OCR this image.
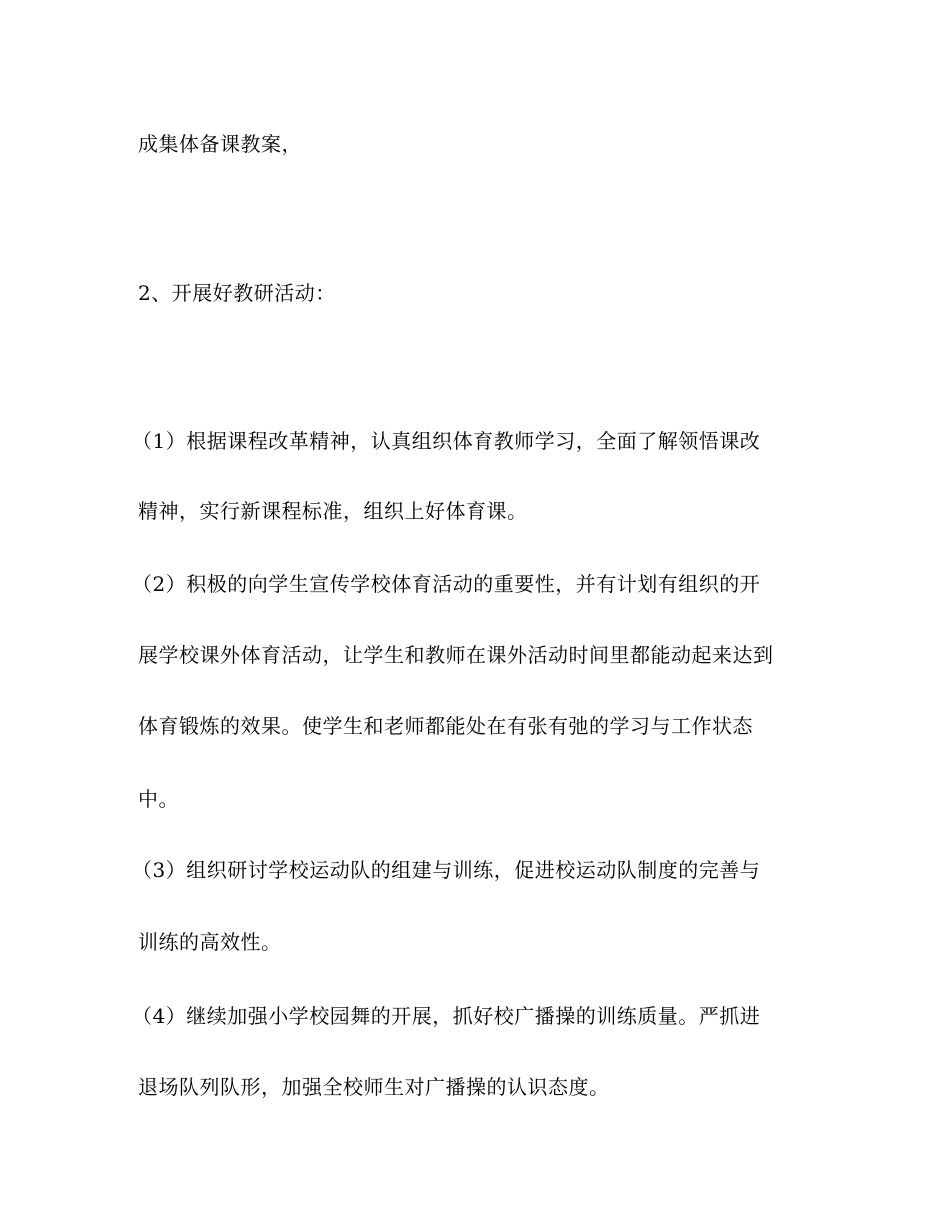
成集体备课教案，
2、开展好教研活动：
（1）根据课程改革精神，认真组织体育教师学习，全面了解领悟课改
精神，实行新课程标准，组织上好体育课。
（2）积极的向学生宣传学校体育活动的重要性，并有计划有组织的开
展学校课外体育活动，让学生和教师在课外活动时间里都能动起来达到
体育锻炼的效果。使学生和老师都能处在有张有弛的学习与工作状态
中。
（3）组织研讨学校运动队的组建与训练，促进校运动队制度的完善与
训练的高效性。
（4）继续加强小学校园舞的开展，抓好校广播操的训练质量。严抓进
退场队列队形，加强全校师生对广播操的认识态度。
